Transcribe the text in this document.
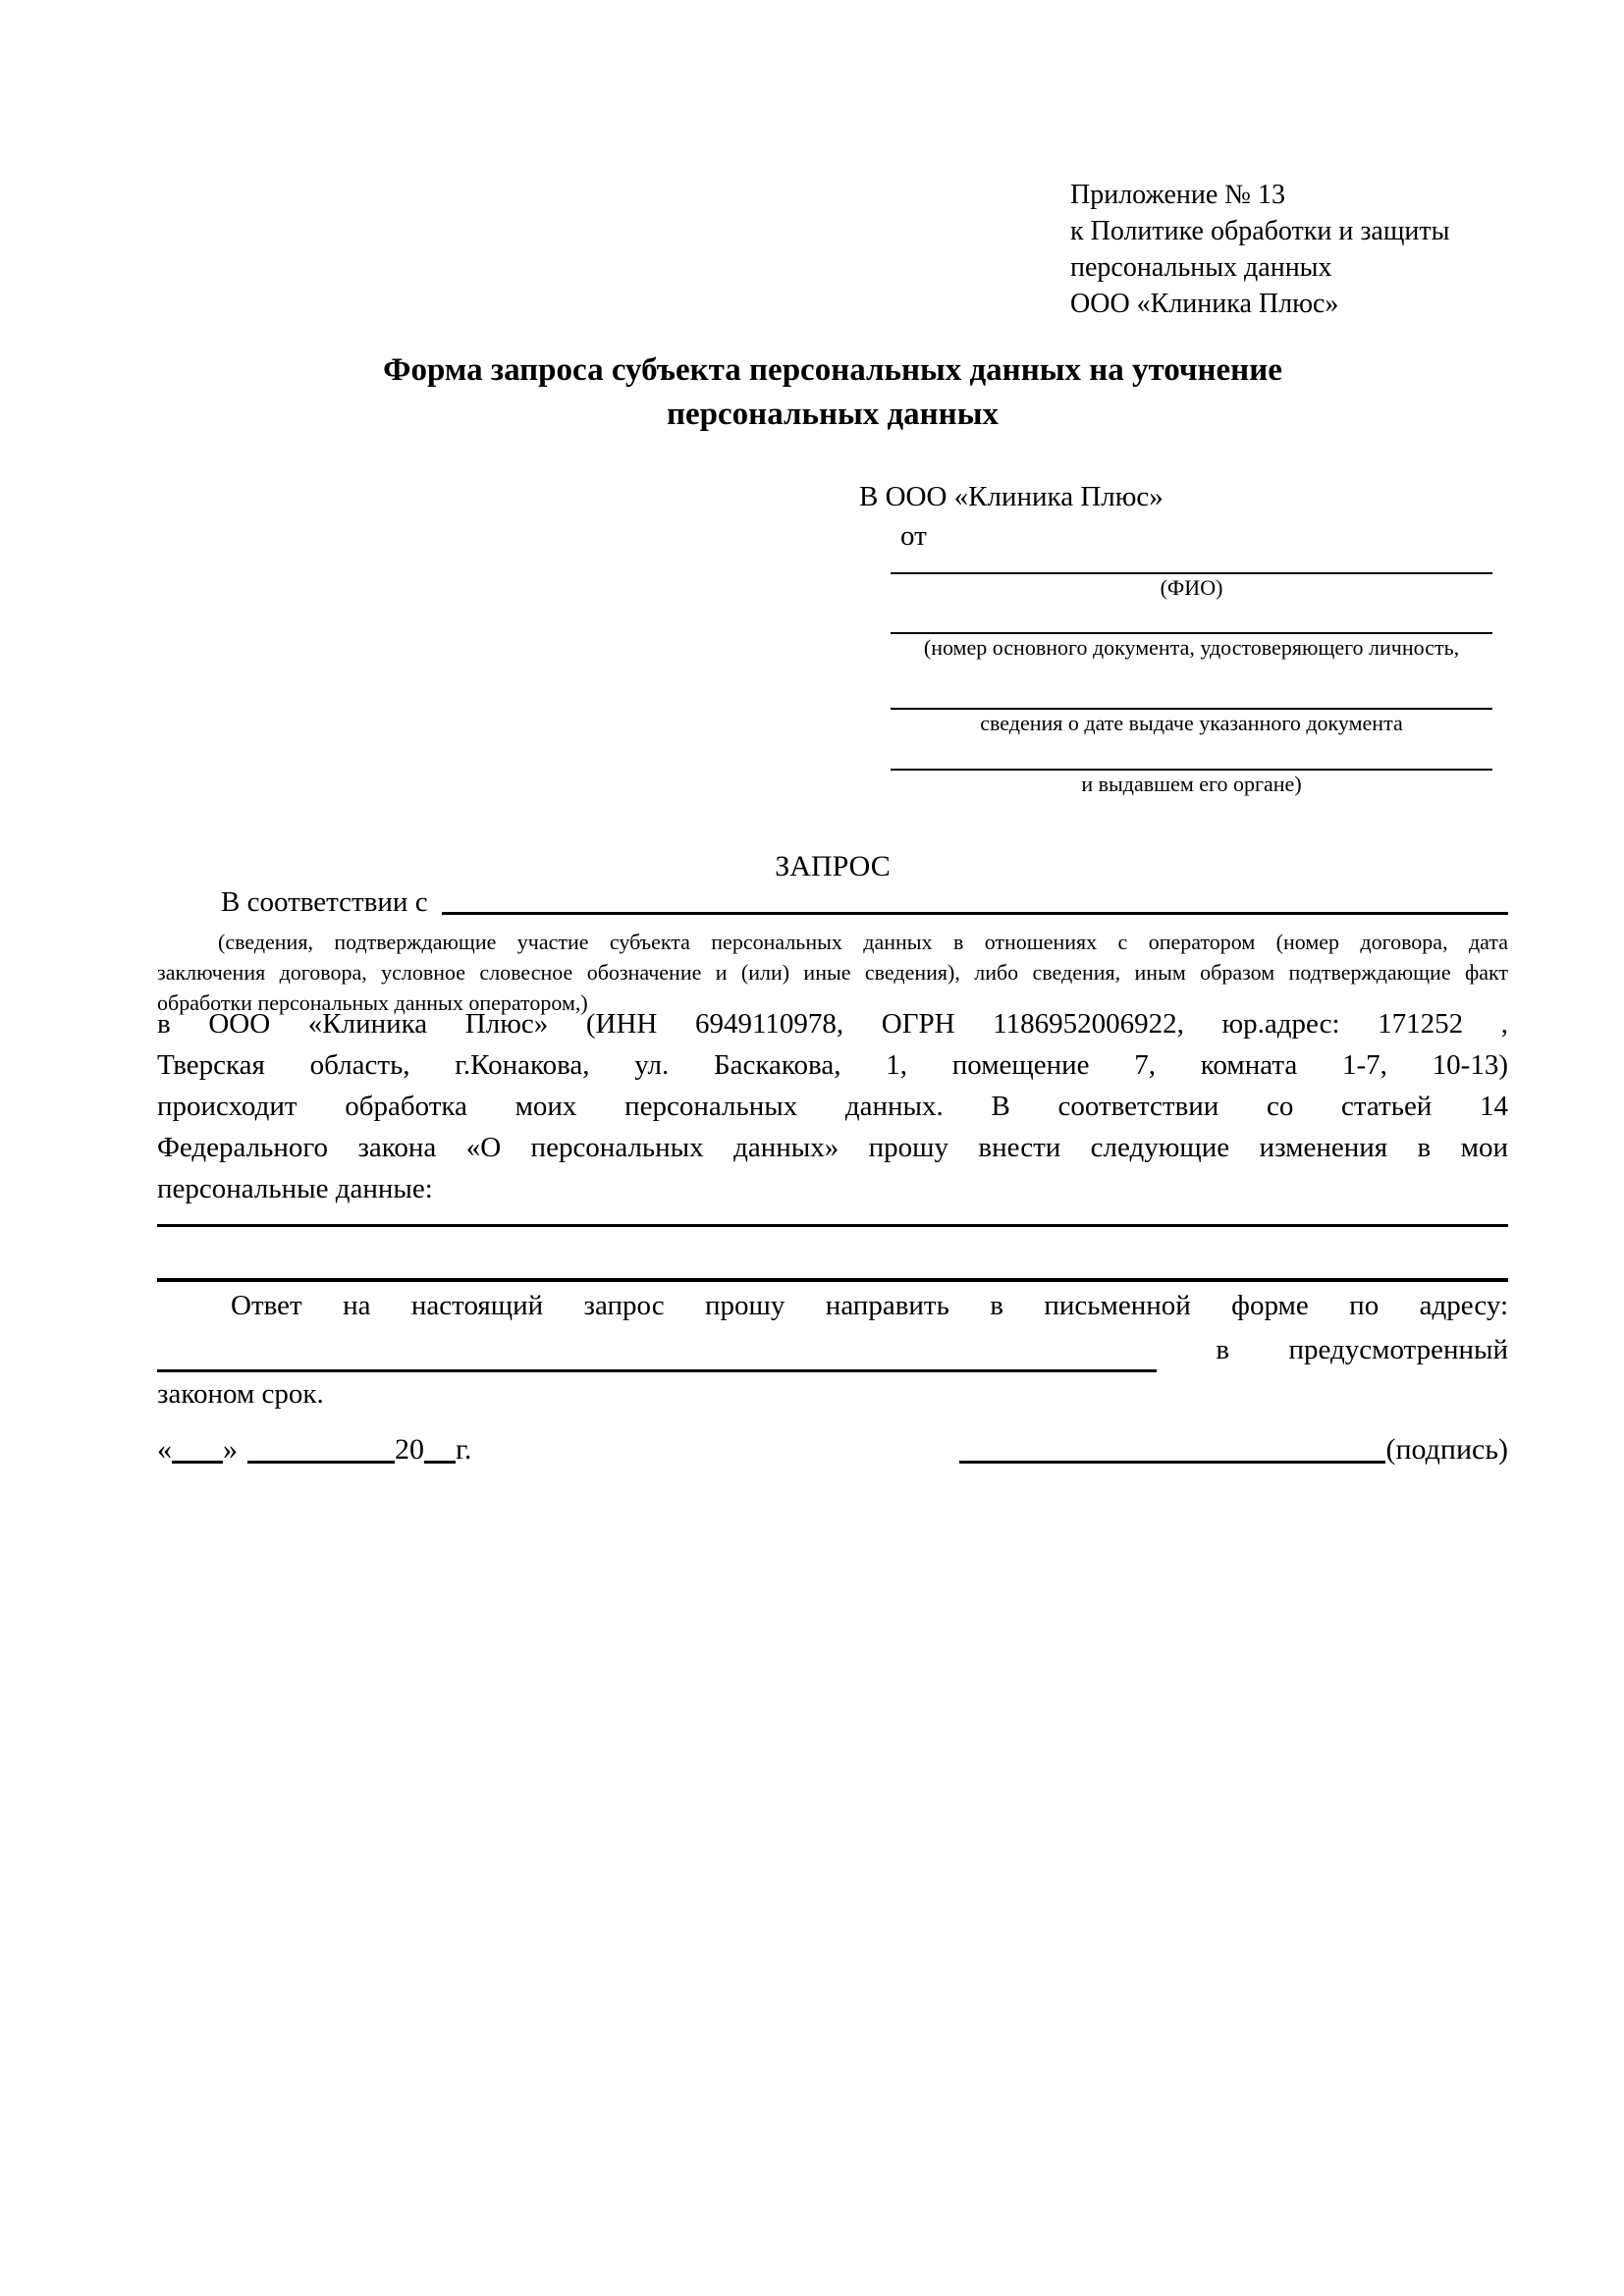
Приложение № 13
к Политике обработки и защиты
персональных данных
ООО «Клиника Плюс»
Форма запроса субъекта персональных данных на уточнение
персональных данных
В ООО «Клиника Плюс»
от
(ФИО)
(номер основного документа, удостоверяющего личность,
сведения о дате выдаче указанного документа
и выдавшем его органе)
ЗАПРОС
В соответствии с
(сведения, подтверждающие участие субъекта персональных данных в отношениях с оператором (номер договора, дата
заключения договора, условное словесное обозначение и (или) иные сведения), либо сведения, иным образом подтверждающие факт
обработки персональных данных оператором,)
в ООО «Клиника Плюс» (ИНН 6949110978, ОГРН 1186952006922, юр.адрес: 171252 ,
Тверская область, г.Конакова, ул. Баскакова, 1, помещение 7, комната 1-7, 10-13)
происходит обработка моих персональных данных. В соответствии со статьей 14
Федерального закона «О персональных данных» прошу внести следующие изменения в мои
персональные данные:
Ответ на настоящий запрос прошу направить в письменной форме по адресу:
в предусмотренный
законом срок.
« »	20 г.	(подпись)
